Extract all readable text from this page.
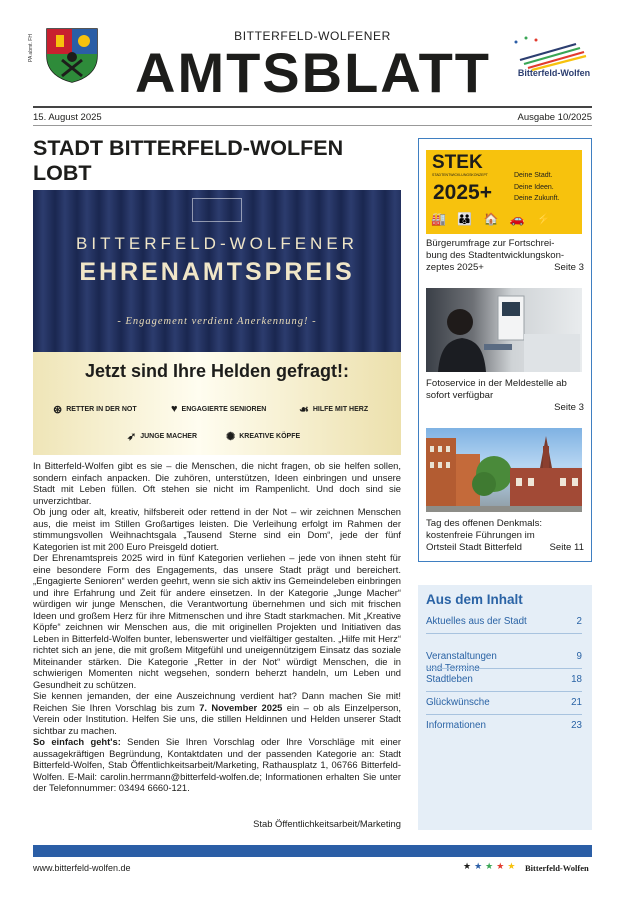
PA abmt. FH	BITTERFELD-WOLFENER
AMTSBLATT	Bitterfeld-Wolfen
15. August 2025	Ausgabe 10/2025
STADT BITTERFELD-WOLFEN LOBT
BITTERFELD-WOLFENER
EHRENAMTSPREIS
- Engagement verdient Anerkennung! -
Jetzt sind Ihre Helden gefragt!:
⊛ RETTER IN DER NOT	♥ ENGAGIERTE SENIOREN	☙ HILFE MIT HERZ
➶ JUNGE MACHER	✺ KREATIVE KÖPFE

In Bitterfeld-Wolfen gibt es sie – die Menschen, die nicht fragen, ob sie helfen sollen, sondern einfach anpacken. Die zuhören, unterstützen, Ideen einbringen und unsere Stadt mit Leben füllen. Oft stehen sie nicht im Rampenlicht. Und doch sind sie unverzichtbar.

Ob jung oder alt, kreativ, hilfsbereit oder rettend in der Not – wir zeichnen Menschen aus, die meist im Stillen Großartiges leisten. Die Verleihung erfolgt im Rahmen der stimmungsvollen Weihnachtsgala „Tausend Sterne sind ein Dom“, jede der fünf Kategorien ist mit 200 Euro Preisgeld dotiert.

Der Ehrenamtspreis 2025 wird in fünf Kategorien verliehen – jede von ihnen steht für eine besondere Form des Engagements, das unsere Stadt prägt und bereichert. „Engagierte Senioren“ werden geehrt, wenn sie sich aktiv ins Gemeindeleben einbringen und ihre Erfahrung und Zeit für andere einsetzen. In der Kategorie „Junge Macher“ würdigen wir junge Menschen, die Verantwortung übernehmen und sich mit frischen Ideen und großem Herz für ihre Mitmenschen und ihre Stadt starkmachen. Mit „Kreative Köpfe“ zeichnen wir Menschen aus, die mit originellen Projekten und Initiativen das Leben in Bitterfeld-Wolfen bunter, lebenswerter und vielfältiger gestalten. „Hilfe mit Herz“ richtet sich an jene, die mit großem Mitgefühl und uneigennützigem Einsatz das soziale Miteinander stärken. Die Kategorie „Retter in der Not“ würdigt Menschen, die in schwierigen Momenten nicht wegsehen, sondern beherzt handeln, um Leben und Gesundheit zu schützen.

Sie kennen jemanden, der eine Auszeichnung verdient hat? Dann machen Sie mit! Reichen Sie Ihren Vorschlag bis zum 7. November 2025 ein – ob als Einzelperson, Verein oder Institution. Helfen Sie uns, die stillen Heldinnen und Helden unserer Stadt sichtbar zu machen.

So einfach geht's: Senden Sie Ihren Vorschlag oder Ihre Vorschläge mit einer aussagekräftigen Begründung, Kontaktdaten und der passenden Kategorie an: Stadt Bitterfeld-Wolfen, Stab Öffentlichkeitsarbeit/Marketing, Rathausplatz 1, 06766 Bitterfeld-Wolfen. E-Mail: carolin.herrmann@bitterfeld-wolfen.de; Informationen erhalten Sie unter der Telefonnummer: 03494 6660-121.

Stab Öffentlichkeitsarbeit/Marketing
STEK
STADTENTWICKLUNGSKONZEPT
2025+
Deine Stadt.
Deine Ideen.
Deine Zukunft.
🏭 👪 🏠 🚗 ⚡
Bürgerumfrage zur Fortschrei-
bung des Stadtentwicklungskon-
zeptes 2025+	Seite 3
Fotoservice in der Meldestelle ab
sofort verfügbar
Seite 3
Tag des offenen Denkmals:
kostenfreie Führungen im
Ortsteil Stadt Bitterfeld	Seite 11
Aus dem Inhalt
Aktuelles aus der Stadt	2

Veranstaltungen	9

Stadtleben	18
Glückwünsche	21
Informationen	23
www.bitterfeld-wolfen.de	★★★★★ Bitterfeld-Wolfen
